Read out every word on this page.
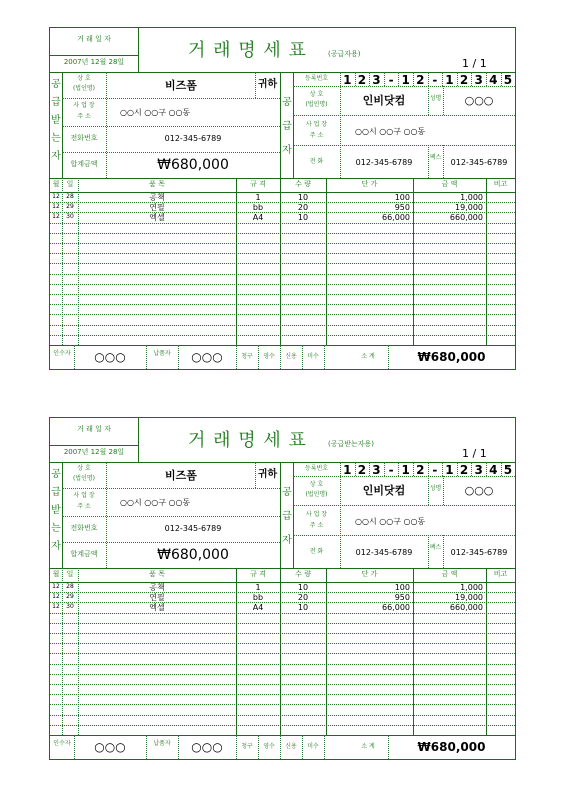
거 래 일 자
2007년 12월 28일
거 래 명 세 표	(공급자용)
1 / 1
공
급
받
는
자
공
급
자
상 호
(법인명)	비즈폼	귀하
사 업 장
주 소	○○시 ○○구 ○○동
전화번호	012-345-6789
합계금액	₩680,000
등록번호	1 2 3 - 1 2 - 1 2 3 4 5
상 호
(법인명)	인비닷컴	성명	○○○
사 업 장
주 소	○○시 ○○구 ○○동
전 화	012-345-6789
팩스
012-345-6789
월	일	품 목	규 격	수 량	단 가	금 액	비고
12	28	공책	1	10	100	1,000
12	29	연필	bb	20	950	19,000
12	30	엑셀	A4	10	66,000	660,000
인수자	○○○	납품자	○○○	청구	영수	신용	미수	소 계	₩680,000
거 래 일 자
2007년 12월 28일
거 래 명 세 표	(공급받는자용)
1 / 1
공
급
받
는
자
공
급
자
상 호
(법인명)	비즈폼	귀하
사 업 장
주 소	○○시 ○○구 ○○동
전화번호	012-345-6789
합계금액	₩680,000
등록번호	1 2 3 - 1 2 - 1 2 3 4 5
상 호
(법인명)	인비닷컴	성명	○○○
사 업 장
주 소	○○시 ○○구 ○○동
전 화	012-345-6789
팩스
012-345-6789
월	일	품 목	규 격	수 량	단 가	금 액	비고
12	28	공책	1	10	100	1,000
12	29	연필	bb	20	950	19,000
12	30	엑셀	A4	10	66,000	660,000
인수자	○○○	납품자	○○○	청구	영수	신용	미수	소 계	₩680,000
